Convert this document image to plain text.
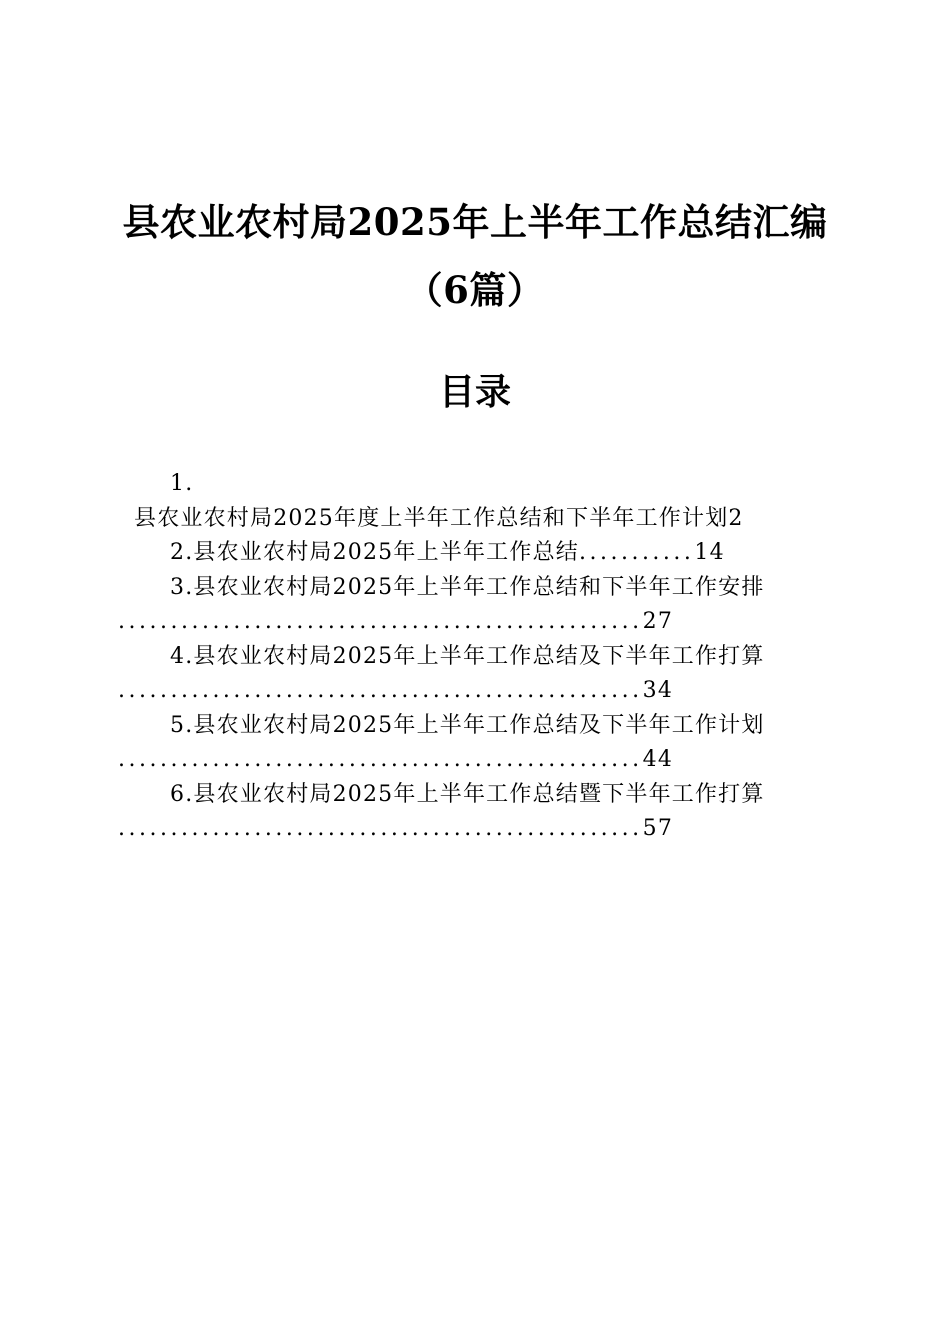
县农业农村局2025年上半年工作总结汇编（6篇）
目录
1.
县农业农村局2025年度上半年工作总结和下半年工作计划2
2.县农业农村局2025年上半年工作总结...........14
3.县农业农村局2025年上半年工作总结和下半年工作安排
..................................................27
4.县农业农村局2025年上半年工作总结及下半年工作打算
..................................................34
5.县农业农村局2025年上半年工作总结及下半年工作计划
..................................................44
6.县农业农村局2025年上半年工作总结暨下半年工作打算
..................................................57
